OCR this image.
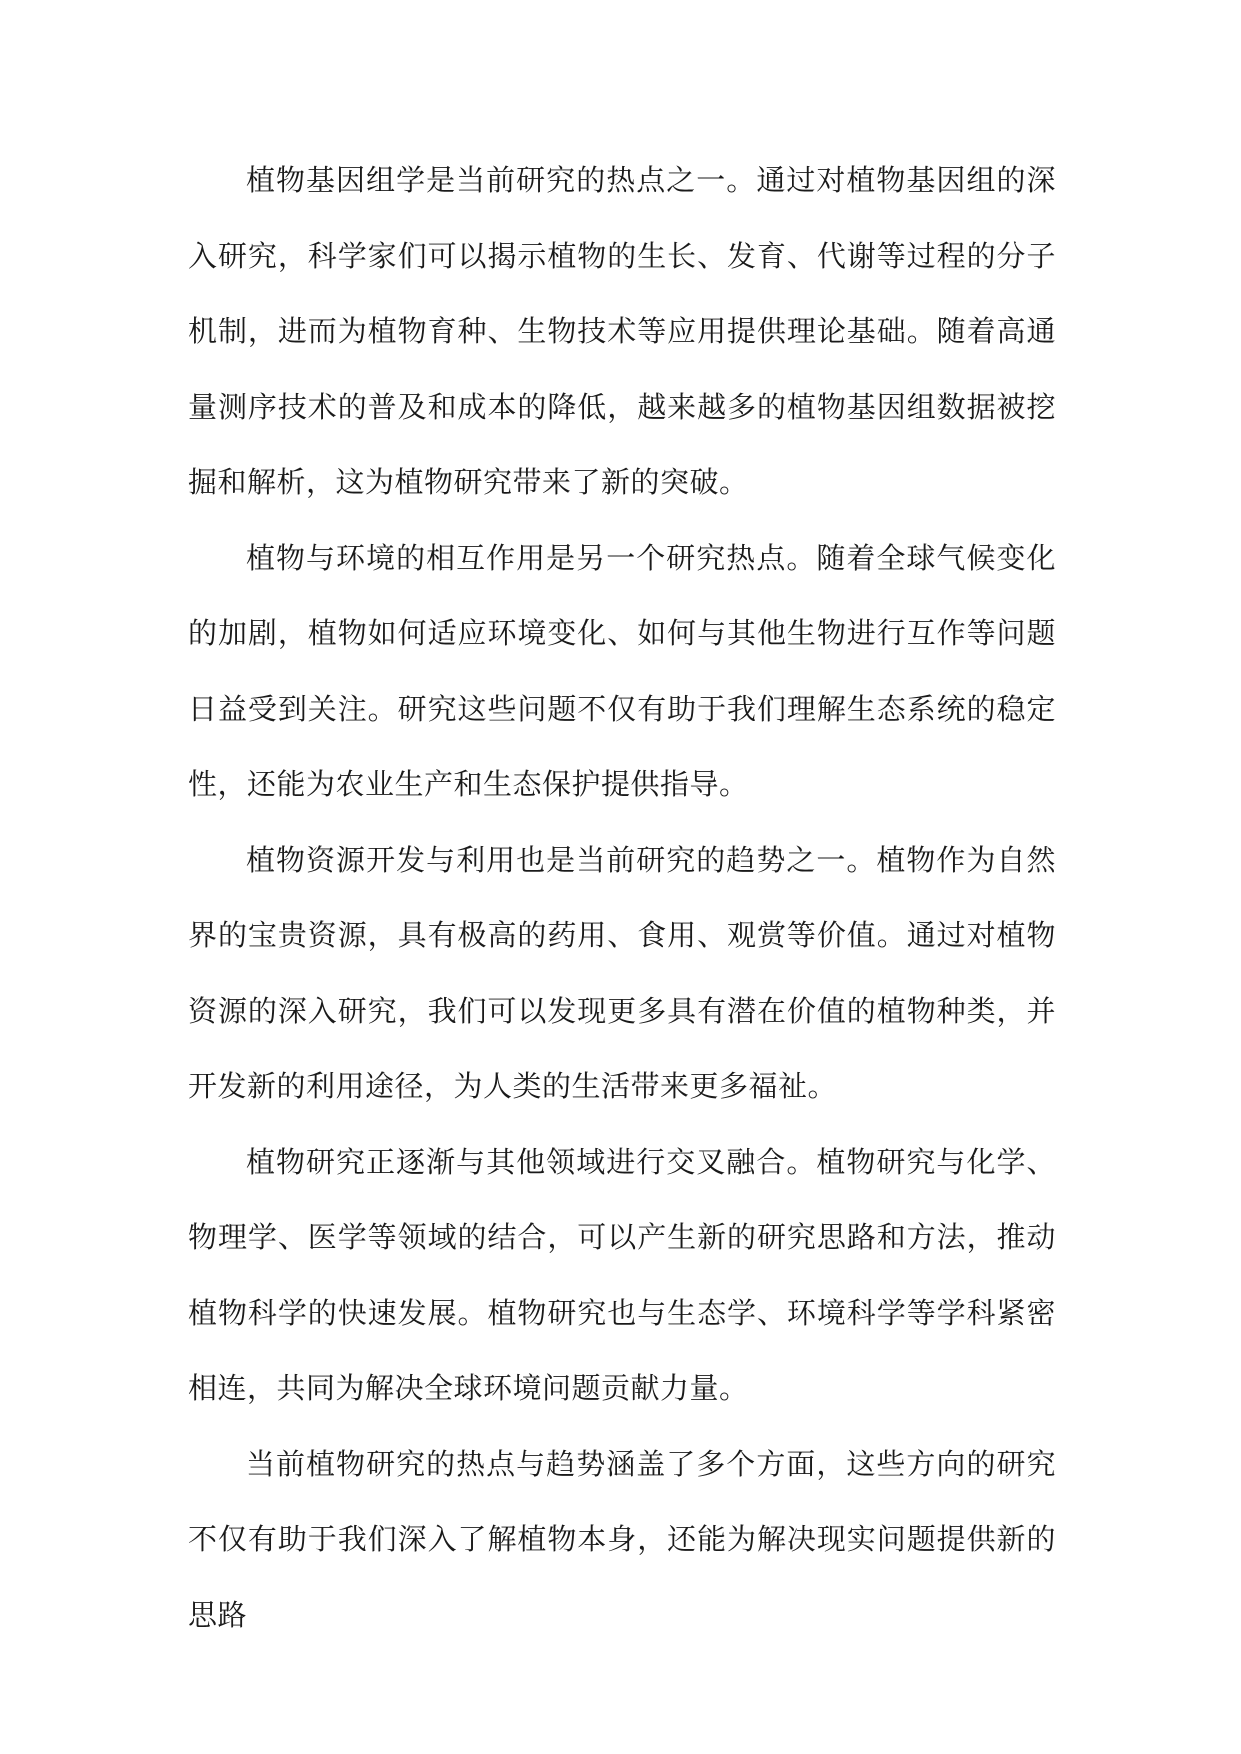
植物基因组学是当前研究的热点之一。通过对植物基因组的深入研究，科学家们可以揭示植物的生长、发育、代谢等过程的分子机制，进而为植物育种、生物技术等应用提供理论基础。随着高通量测序技术的普及和成本的降低，越来越多的植物基因组数据被挖掘和解析，这为植物研究带来了新的突破。

植物与环境的相互作用是另一个研究热点。随着全球气候变化的加剧，植物如何适应环境变化、如何与其他生物进行互作等问题日益受到关注。研究这些问题不仅有助于我们理解生态系统的稳定性，还能为农业生产和生态保护提供指导。

植物资源开发与利用也是当前研究的趋势之一。植物作为自然界的宝贵资源，具有极高的药用、食用、观赏等价值。通过对植物资源的深入研究，我们可以发现更多具有潜在价值的植物种类，并开发新的利用途径，为人类的生活带来更多福祉。

植物研究正逐渐与其他领域进行交叉融合。植物研究与化学、物理学、医学等领域的结合，可以产生新的研究思路和方法，推动植物科学的快速发展。植物研究也与生态学、环境科学等学科紧密相连，共同为解决全球环境问题贡献力量。

当前植物研究的热点与趋势涵盖了多个方面，这些方向的研究不仅有助于我们深入了解植物本身，还能为解决现实问题提供新的思路
